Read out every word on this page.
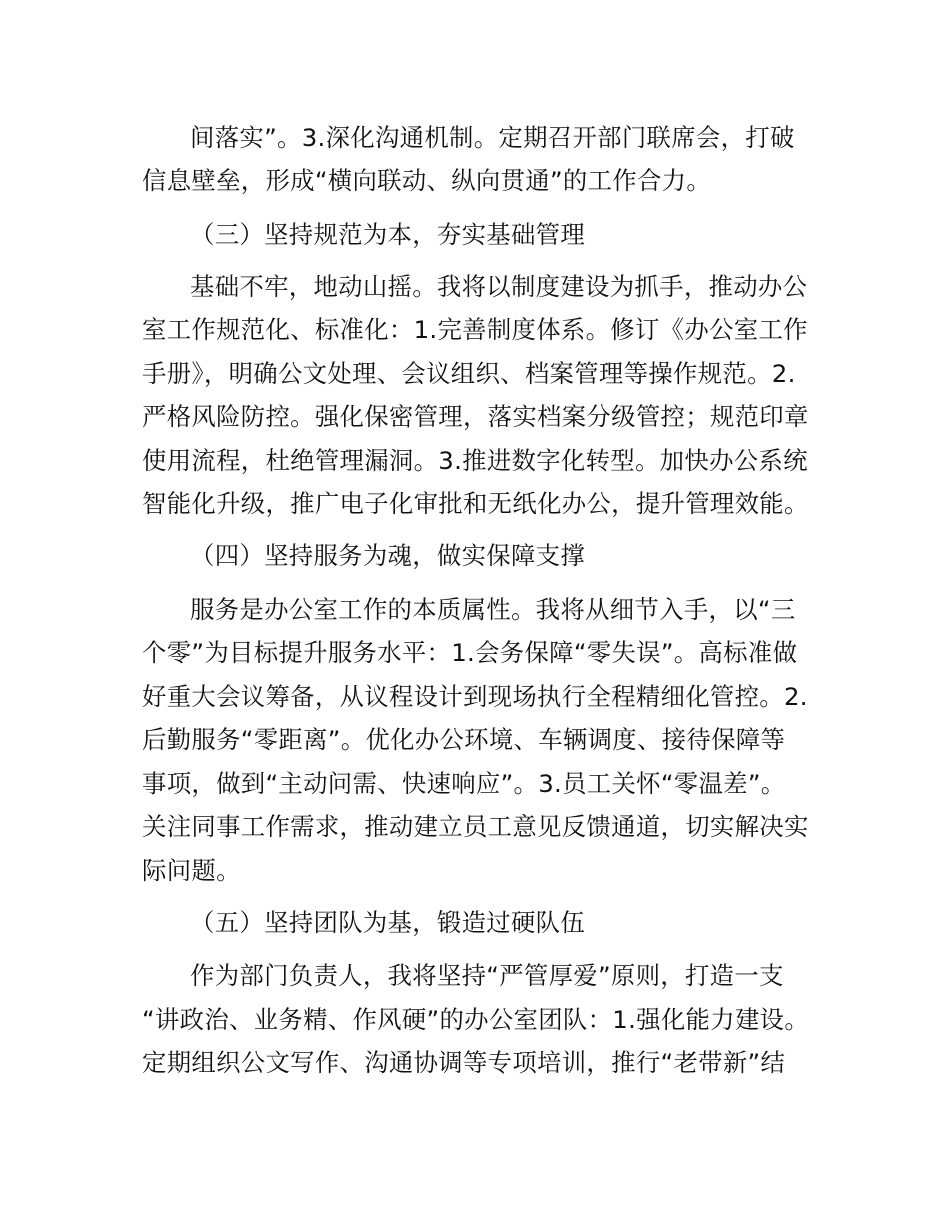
间落实”。3.深化沟通机制。定期召开部门联席会，打破
信息壁垒，形成“横向联动、纵向贯通”的工作合力。
（三）坚持规范为本，夯实基础管理
基础不牢，地动山摇。我将以制度建设为抓手，推动办公
室工作规范化、标准化：1.完善制度体系。修订《办公室工作
手册》，明确公文处理、会议组织、档案管理等操作规范。2.
严格风险防控。强化保密管理，落实档案分级管控；规范印章
使用流程，杜绝管理漏洞。3.推进数字化转型。加快办公系统
智能化升级，推广电子化审批和无纸化办公，提升管理效能。
（四）坚持服务为魂，做实保障支撑
服务是办公室工作的本质属性。我将从细节入手，以“三
个零”为目标提升服务水平：1.会务保障“零失误”。高标准做
好重大会议筹备，从议程设计到现场执行全程精细化管控。2.
后勤服务“零距离”。优化办公环境、车辆调度、接待保障等
事项，做到“主动问需、快速响应”。3.员工关怀“零温差”。
关注同事工作需求，推动建立员工意见反馈通道，切实解决实
际问题。
（五）坚持团队为基，锻造过硬队伍
作为部门负责人，我将坚持“严管厚爱”原则，打造一支
“讲政治、业务精、作风硬”的办公室团队：1.强化能力建设。
定期组织公文写作、沟通协调等专项培训，推行“老带新”结
